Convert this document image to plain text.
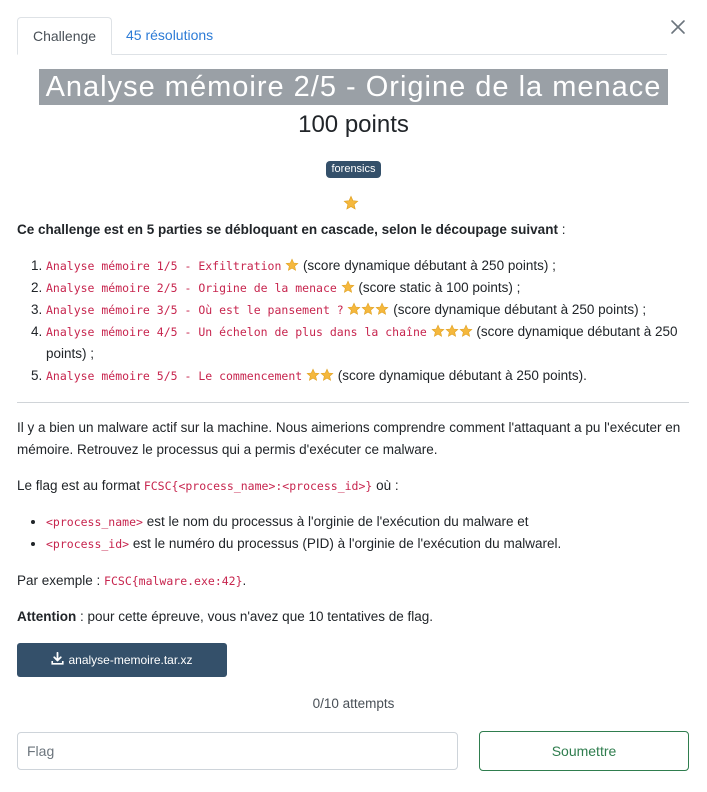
Challenge	45 résolutions
Analyse mémoire 2/5 - Origine de la menace
100 points
forensics
Ce challenge est en 5 parties se débloquant en cascade, selon le découpage suivant :
1. Analyse mémoire 1/5 - Exfiltration (score dynamique débutant à 250 points) ;
2. Analyse mémoire 2/5 - Origine de la menace (score static à 100 points) ;
3. Analyse mémoire 3/5 - Où est le pansement ?	(score dynamique débutant à 250 points) ;
4. Analyse mémoire 4/5 - Un échelon de plus dans la chaîne	(score dynamique débutant à 250 points) ;
5. Analyse mémoire 5/5 - Le commencement	(score dynamique débutant à 250 points).

Il y a bien un malware actif sur la machine. Nous aimerions comprendre comment l'attaquant a pu l'exécuter en mémoire. Retrouvez le processus qui a permis d'exécuter ce malware.

Le flag est au format FCSC{<process_name>:<process_id>} où :

• <process_name> est le nom du processus à l'orginie de l'exécution du malware et
• <process_id> est le numéro du processus (PID) à l'orginie de l'exécution du malwarel.

Par exemple : FCSC{malware.exe:42}.

Attention : pour cette épreuve, vous n'avez que 10 tentatives de flag.

analyse-memoire.tar.xz
0/10 attempts
Flag
Soumettre
